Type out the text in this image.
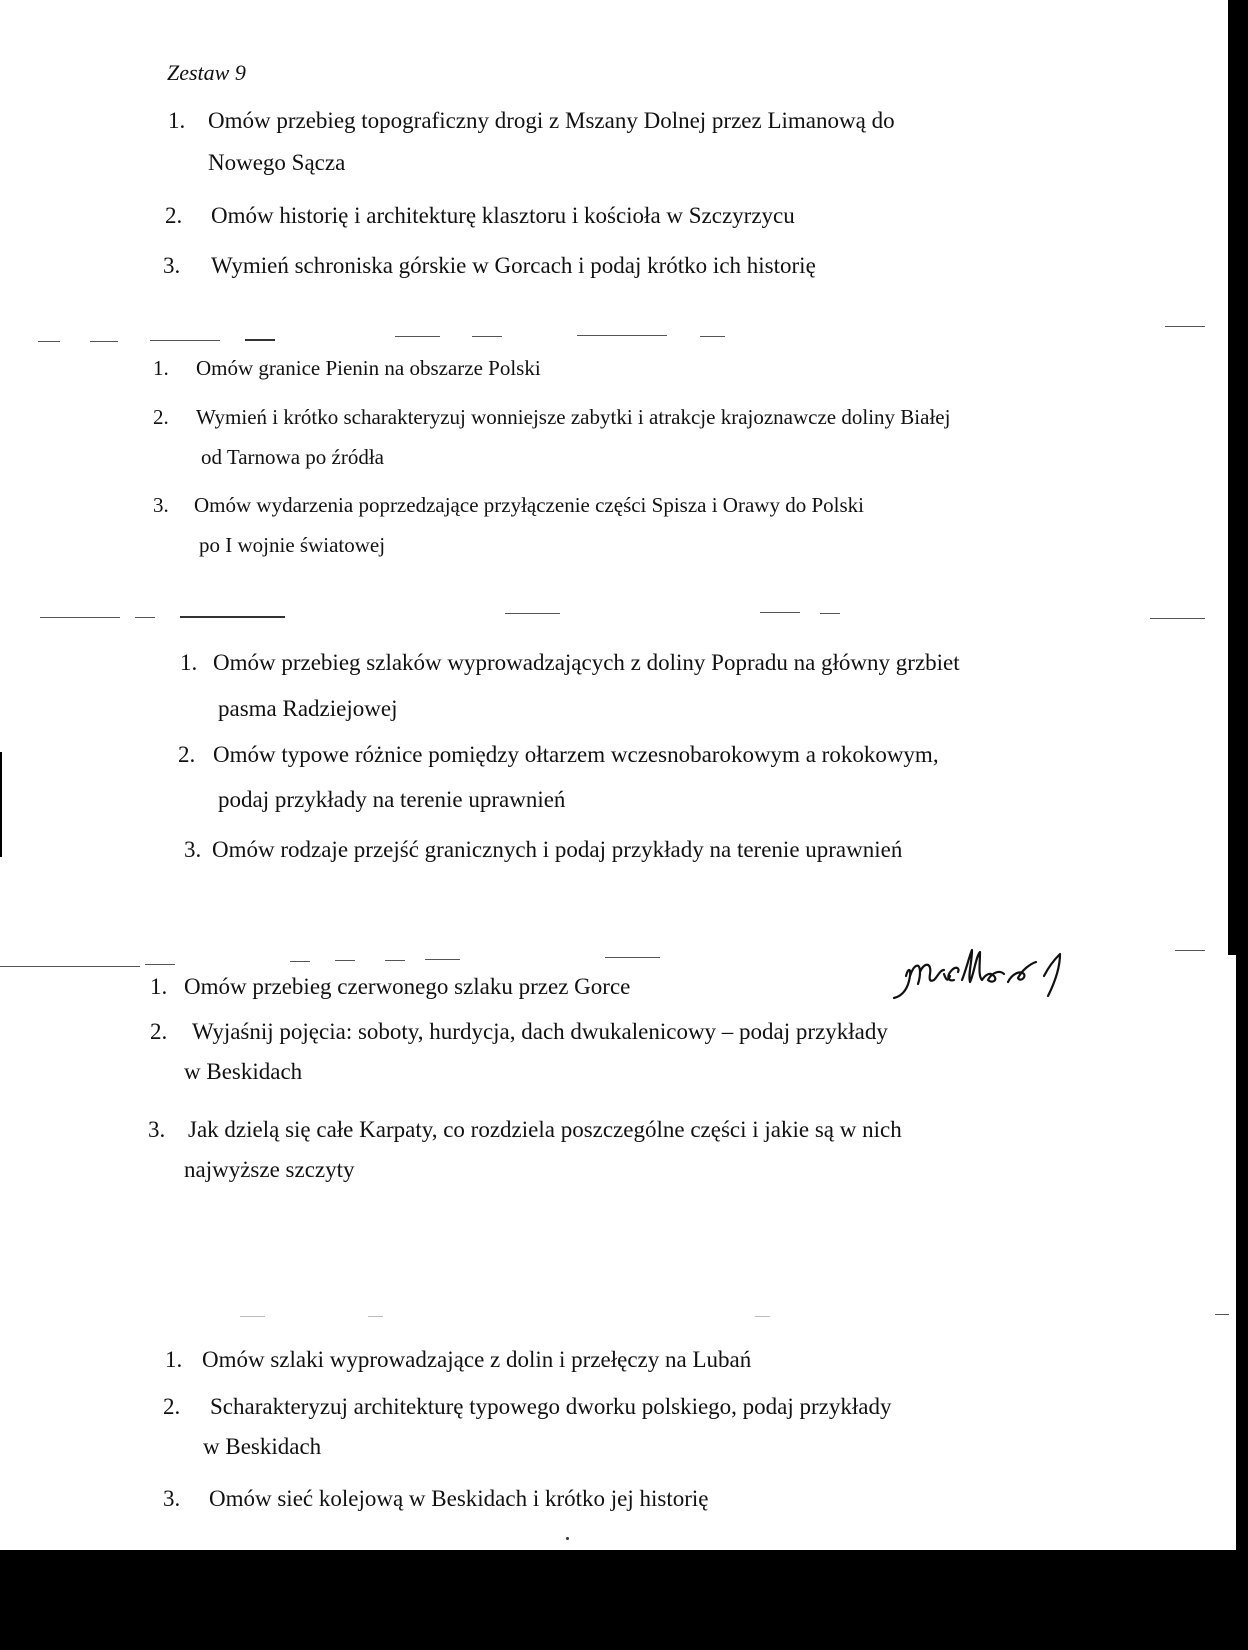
Zestaw 9
1. Omów przebieg topograficzny drogi z Mszany Dolnej przez Limanową do
Nowego Sącza
2. Omów historię i architekturę klasztoru i kościoła w Szczyrzycu
3. Wymień schroniska górskie w Gorcach i podaj krótko ich historię
1. Omów granice Pienin na obszarze Polski
2. Wymień i krótko scharakteryzuj wonniejsze zabytki i atrakcje krajoznawcze doliny Białej
od Tarnowa po źródła
3. Omów wydarzenia poprzedzające przyłączenie części Spisza i Orawy do Polski
po I wojnie światowej
1. Omów przebieg szlaków wyprowadzających z doliny Popradu na główny grzbiet
pasma Radziejowej
2. Omów typowe różnice pomiędzy ołtarzem wczesnobarokowym a rokokowym,
podaj przykłady na terenie uprawnień
3. Omów rodzaje przejść granicznych i podaj przykłady na terenie uprawnień
1. Omów przebieg czerwonego szlaku przez Gorce
2. Wyjaśnij pojęcia: soboty, hurdycja, dach dwukalenicowy – podaj przykłady
w Beskidach
3. Jak dzielą się całe Karpaty, co rozdziela poszczególne części i jakie są w nich
najwyższe szczyty
1. Omów szlaki wyprowadzające z dolin i przełęczy na Lubań
2. Scharakteryzuj architekturę typowego dworku polskiego, podaj przykłady
w Beskidach
3. Omów sieć kolejową w Beskidach i krótko jej historię
